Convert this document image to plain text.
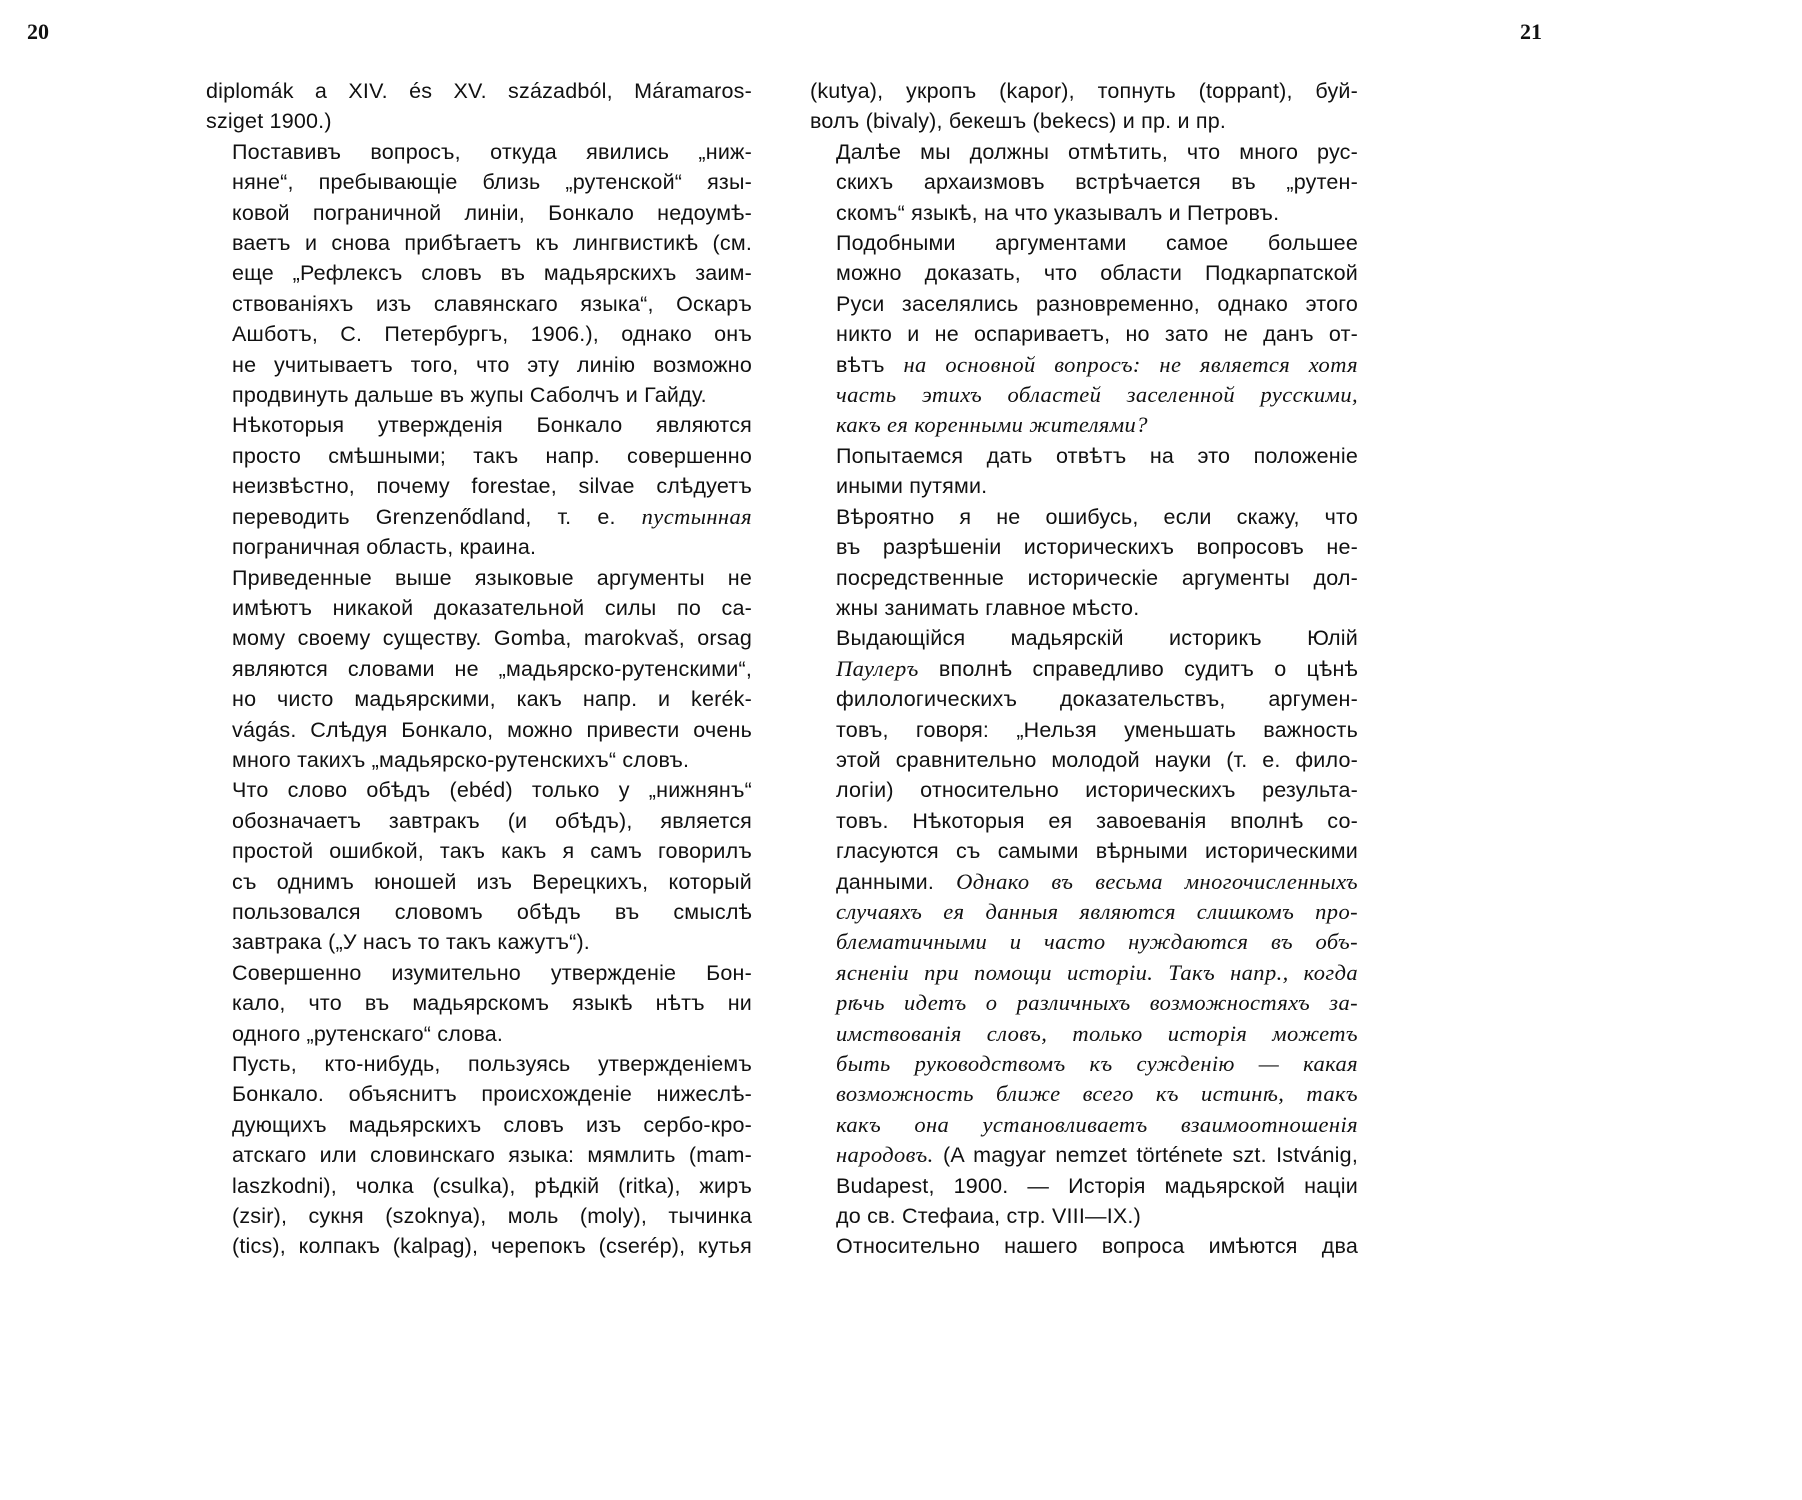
20

diplomák a XIV. és XV. századból, Máramaros-
sziget 1900.)

Поставивъ вопросъ, откуда явились „ниж-
няне“, пребывающіе близь „рутенской“ язы-
ковой пограничной линіи, Бонкало недоумѣ-
ваетъ и снова прибѣгаетъ къ лингвистикѣ (см.
еще „Рефлексъ словъ въ мадьярскихъ заим-
ствованіяхъ изъ славянскаго языка“, Оскаръ
Ашботъ, С. Петербургъ, 1906.), однако онъ
не учитываетъ того, что эту линію возможно
продвинуть дальше въ жупы Саболчъ и Гайду.

Нѣкоторыя утвержденія Бонкало являются
просто смѣшными; такъ напр. совершенно
неизвѣстно, почему forestae, silvae слѣдуетъ
переводить Grenzenődland, т. е. пустынная
пограничная область, краина.

Приведенные выше языковые аргументы не
имѣютъ никакой доказательной силы по са-
мому своему существу. Gomba, marokvaš, orsag
являются словами не „мадьярско-рутенскими“,
но чисто мадьярскими, какъ напр. и kerék-
vágás. Слѣдуя Бонкало, можно привести очень
много такихъ „мадьярско-рутенскихъ“ словъ.

Что слово обѣдъ (ebéd) только у „нижнянъ“
обозначаетъ завтракъ (и обѣдъ), является
простой ошибкой, такъ какъ я самъ говорилъ
съ однимъ юношей изъ Верецкихъ, который
пользовался словомъ обѣдъ въ смыслѣ
завтрака („У насъ то такъ кажутъ“).

Совершенно изумительно утвержденіе Бон-
кало, что въ мадьярскомъ языкѣ нѣтъ ни
одного „рутенскаго“ слова.

Пусть, кто-нибудь, пользуясь утвержденіемъ
Бонкало. объяснитъ происхожденіе нижеслѣ-
дующихъ мадьярскихъ словъ изъ сербо-кро-
атскаго или словинскаго языка: мямлить (mam-
laszkodni), чолка (csulka), рѣдкій (ritka), жиръ
(zsir), сукня (szoknya), моль (moly), тычинка
(tics), колпакъ (kalpag), черепокъ (cserép), кутья

21

(kutya), укропъ (kapor), топнуть (toppant), буй-
волъ (bivaly), бекешъ (bekecs) и пр. и пр.

Далѣе мы должны отмѣтить, что много рус-
скихъ архаизмовъ встрѣчается въ „рутен-
скомъ“ языкѣ, на что указывалъ и Петровъ.

Подобными аргументами самое большее
можно доказать, что области Подкарпатской
Руси заселялись разновременно, однако этого
никто и не оспариваетъ, но зато не данъ от-
вѣтъ на основной вопросъ: не является хотя
часть этихъ областей заселенной русскими,
какъ ея коренными жителями?

Попытаемся дать отвѣтъ на это положеніе
иными путями.

Вѣроятно я не ошибусь, если скажу, что
въ разрѣшеніи историческихъ вопросовъ не-
посредственные историческіе аргументы дол-
жны занимать главное мѣсто.

Выдающійся мадьярскій историкъ Юлій
Паулеръ вполнѣ справедливо судитъ о цѣнѣ
филологическихъ доказательствъ, аргумен-
товъ, говоря: „Нельзя уменьшать важность
этой сравнительно молодой науки (т. е. фило-
логіи) относительно историческихъ результа-
товъ. Нѣкоторыя ея завоеванія вполнѣ со-
гласуются съ самыми вѣрными историческими
данными. Однако въ весьма многочисленныхъ
случаяхъ ея данныя являются слишкомъ про-
блематичными и часто нуждаются въ объ-
ясненіи при помощи исторіи. Такъ напр., когда
рѣчь идетъ о различныхъ возможностяхъ за-
имствованія словъ, только исторія можетъ
быть руководствомъ къ сужденію — какая
возможность ближе всего къ истинѣ, такъ
какъ она установливаетъ взаимоотношенія
народовъ. (A magyar nemzet története szt. Istvánig,
Budapest, 1900. — Исторія мадьярской націи
до св. Стефаиа, стр. VIII—IX.)

Относительно нашего вопроса имѣются два
